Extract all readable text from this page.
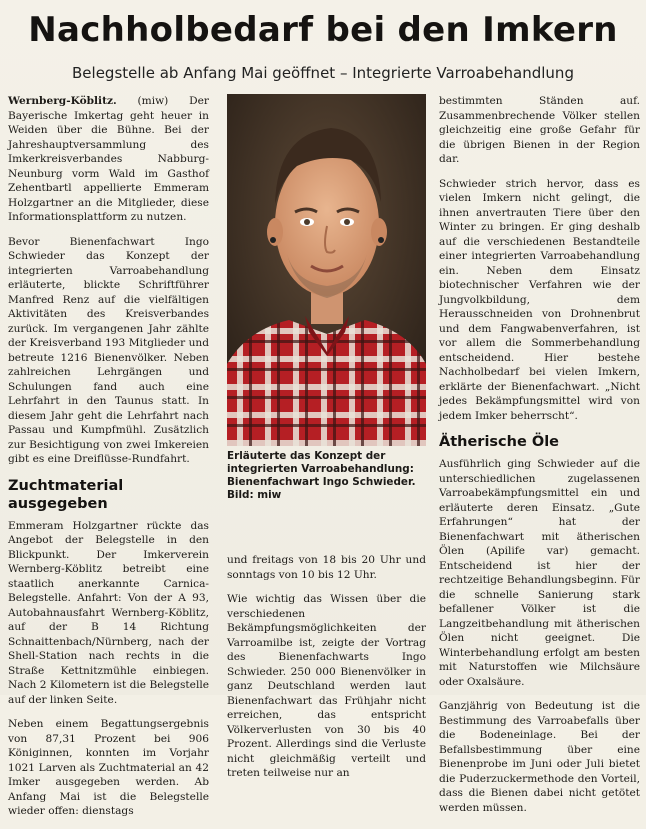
Nachholbedarf bei den Imkern
Belegstelle ab Anfang Mai geöffnet – Integrierte Varroabehandlung

Wernberg-Köblitz. (miw) Der Bayerische Imkertag geht heuer in Weiden über die Bühne. Bei der Jahreshauptversammlung des Imkerkreisverbandes Nabburg-Neunburg vorm Wald im Gasthof Zehentbartl appellierte Emmeram Holzgartner an die Mitglieder, diese Informationsplattform zu nutzen.

Bevor Bienenfachwart Ingo Schwieder das Konzept der integrierten Varroabehandlung erläuterte, blickte Schriftführer Manfred Renz auf die vielfältigen Aktivitäten des Kreisverbandes zurück. Im vergangenen Jahr zählte der Kreisverband 193 Mitglieder und betreute 1216 Bienenvölker. Neben zahlreichen Lehrgängen und Schulungen fand auch eine Lehrfahrt in den Taunus statt. In diesem Jahr geht die Lehrfahrt nach Passau und Kumpfmühl. Zusätzlich zur Besichtigung von zwei Imkereien gibt es eine Dreiflüsse-Rundfahrt.

Zuchtmaterial ausgegeben

Emmeram Holzgartner rückte das Angebot der Belegstelle in den Blickpunkt. Der Imkerverein Wernberg-Köblitz betreibt eine staatlich anerkannte Carnica-Belegstelle. Anfahrt: Von der A 93, Autobahnausfahrt Wernberg-Köblitz, auf der B 14 Richtung Schnaittenbach/Nürnberg, nach der Shell-Station nach rechts in die Straße Kettnitzmühle einbiegen. Nach 2 Kilometern ist die Belegstelle auf der linken Seite.

Neben einem Begattungsergebnis von 87,31 Prozent bei 906 Königinnen, konnten im Vorjahr 1021 Larven als Zuchtmaterial an 42 Imker ausgegeben werden. Ab Anfang Mai ist die Belegstelle wieder offen: dienstags

Erläuterte das Konzept der integrierten Varroabehandlung: Bienenfachwart Ingo Schwieder. Bild: miw

und freitags von 18 bis 20 Uhr und sonntags von 10 bis 12 Uhr.

Wie wichtig das Wissen über die verschiedenen Bekämpfungsmöglichkeiten der Varroamilbe ist, zeigte der Vortrag des Bienenfachwarts Ingo Schwieder. 250 000 Bienenvölker in ganz Deutschland werden laut Bienenfachwart das Frühjahr nicht erreichen, das entspricht Völkerverlusten von 30 bis 40 Prozent. Allerdings sind die Verluste nicht gleichmäßig verteilt und treten teilweise nur an

bestimmten Ständen auf. Zusammenbrechende Völker stellen gleichzeitig eine große Gefahr für die übrigen Bienen in der Region dar.

Schwieder strich hervor, dass es vielen Imkern nicht gelingt, die ihnen anvertrauten Tiere über den Winter zu bringen. Er ging deshalb auf die verschiedenen Bestandteile einer integrierten Varroabehandlung ein. Neben dem Einsatz biotechnischer Verfahren wie der Jungvolkbildung, dem Herausschneiden von Drohnenbrut und dem Fangwabenverfahren, ist vor allem die Sommerbehandlung entscheidend. Hier bestehe Nachholbedarf bei vielen Imkern, erklärte der Bienenfachwart. „Nicht jedes Bekämpfungsmittel wird von jedem Imker beherrscht“.

Ätherische Öle

Ausführlich ging Schwieder auf die unterschiedlichen zugelassenen Varroabekämpfungsmittel ein und erläuterte deren Einsatz. „Gute Erfahrungen“ hat der Bienenfachwart mit ätherischen Ölen (Apilife var) gemacht. Entscheidend ist hier der rechtzeitige Behandlungsbeginn. Für die schnelle Sanierung stark befallener Völker ist die Langzeitbehandlung mit ätherischen Ölen nicht geeignet. Die Winterbehandlung erfolgt am besten mit Naturstoffen wie Milchsäure oder Oxalsäure.

Ganzjährig von Bedeutung ist die Bestimmung des Varroabefalls über die Bodeneinlage. Bei der Befallsbestimmung über eine Bienenprobe im Juni oder Juli bietet die Puderzuckermethode den Vorteil, dass die Bienen dabei nicht getötet werden müssen.
